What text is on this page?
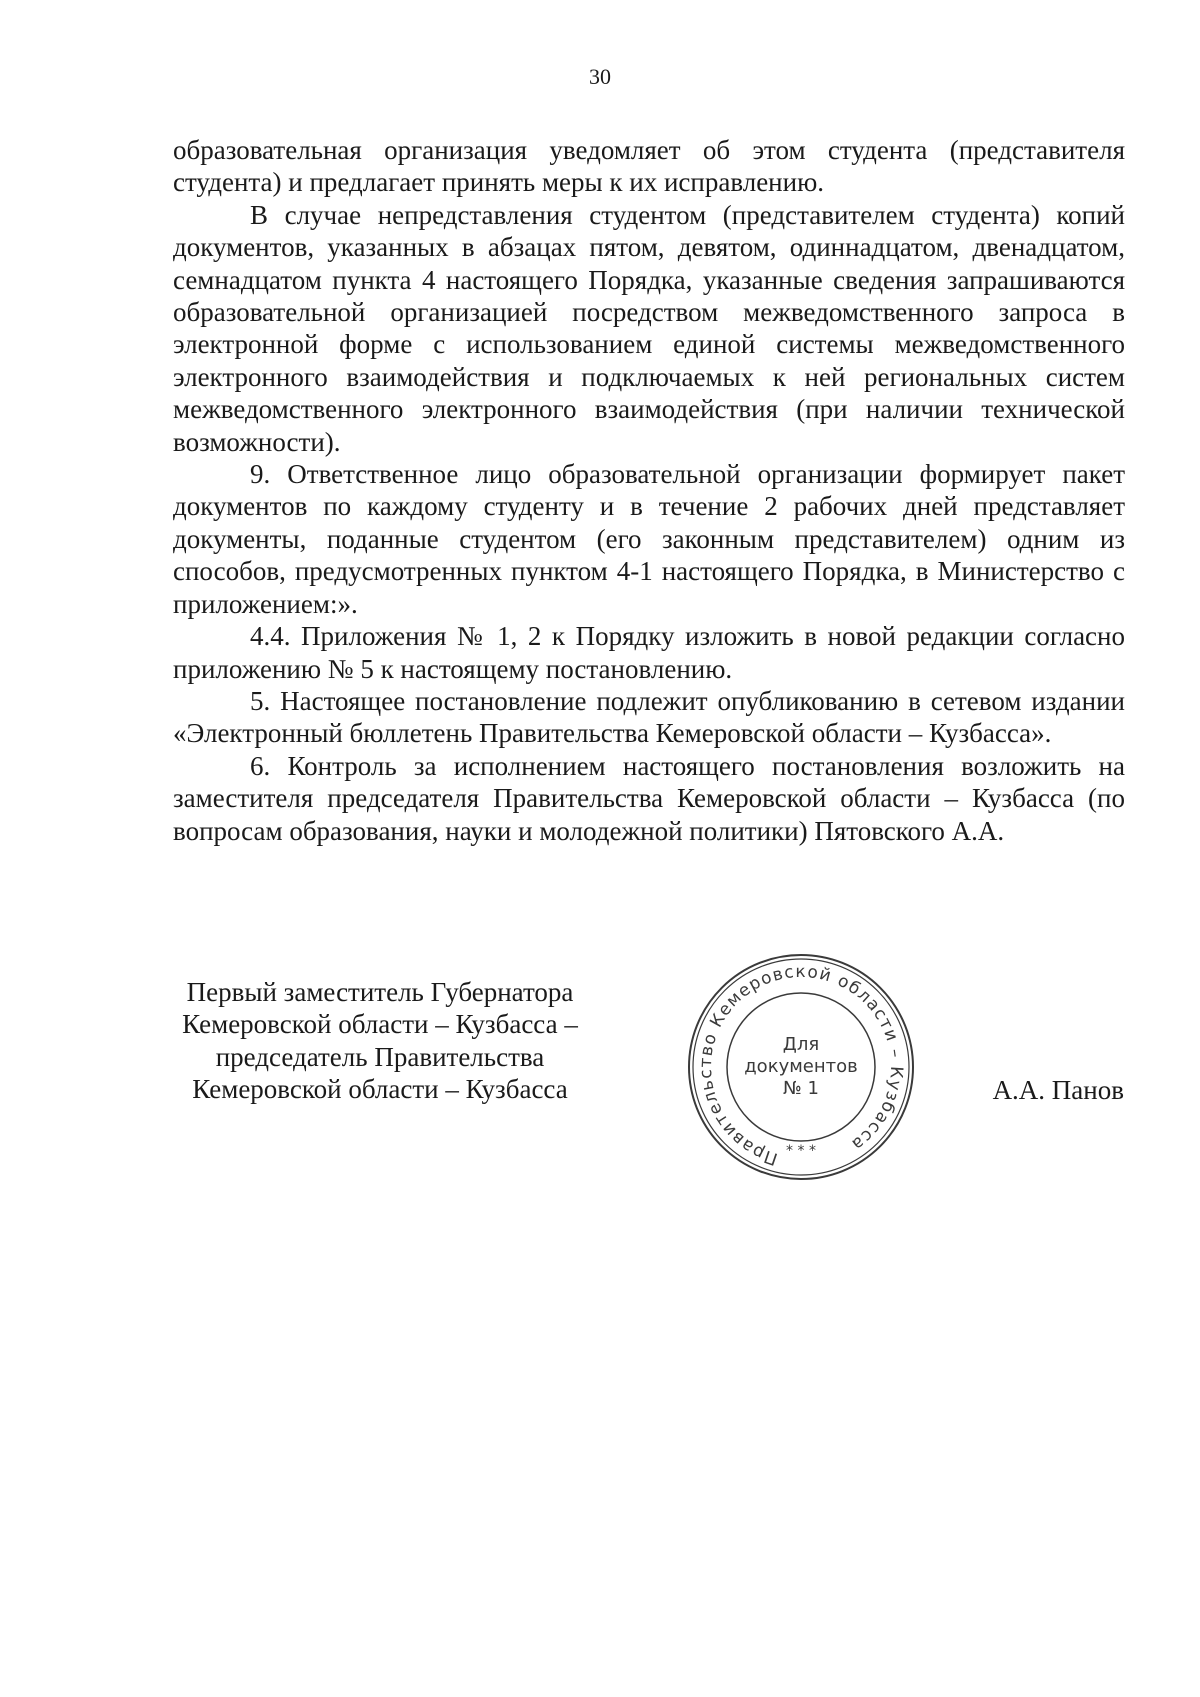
30

образовательная организация уведомляет об этом студента (представителя студента) и предлагает принять меры к их исправлению.

В случае непредставления студентом (представителем студента) копий документов, указанных в абзацах пятом, девятом, одиннадцатом, двенадцатом, семнадцатом пункта 4 настоящего Порядка, указанные сведения запрашиваются образовательной организацией посредством межведомственного запроса в электронной форме с использованием единой системы межведомственного электронного взаимодействия и подключаемых к ней региональных систем межведомственного электронного взаимодействия (при наличии технической возможности).

9. Ответственное лицо образовательной организации формирует пакет документов по каждому студенту и в течение 2 рабочих дней представляет документы, поданные студентом (его законным представителем) одним из способов, предусмотренных пунктом 4-1 настоящего Порядка, в Министерство с приложением:».

4.4. Приложения № 1, 2 к Порядку изложить в новой редакции согласно приложению № 5 к настоящему постановлению.

5. Настоящее постановление подлежит опубликованию в сетевом издании «Электронный бюллетень Правительства Кемеровской области – Кузбасса».

6. Контроль за исполнением настоящего постановления возложить на заместителя председателя Правительства Кемеровской области – Кузбасса (по вопросам образования, науки и молодежной политики) Пятовского А.А.

Первый заместитель Губернатора
Кемеровской области – Кузбасса –
председатель Правительства
Кемеровской области – Кузбасса
Правительство Кемеровской области – Кузбасса
* * *
Для
документов
№ 1	А.А. Панов
